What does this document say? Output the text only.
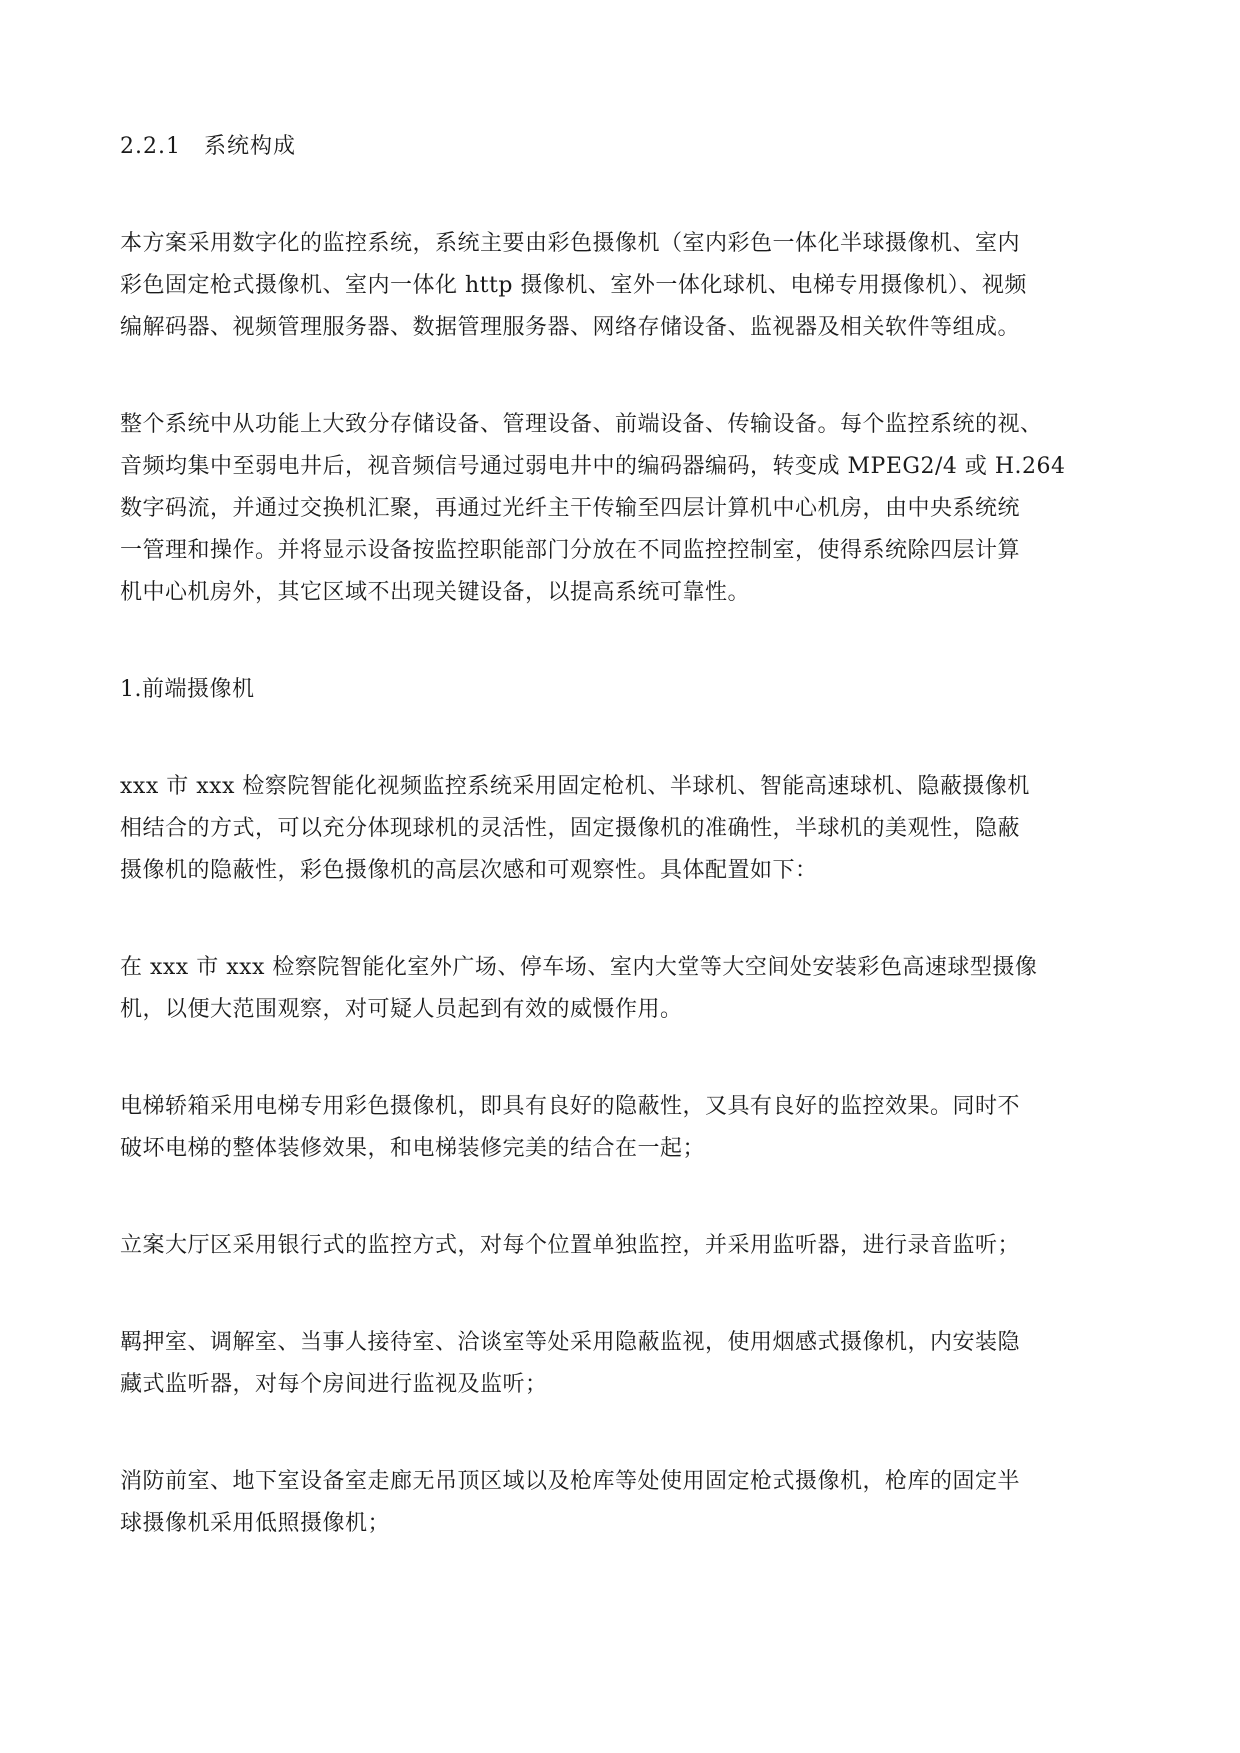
2.2.1　系统构成
本方案采用数字化的监控系统，系统主要由彩色摄像机（室内彩色一体化半球摄像机、室内
彩色固定枪式摄像机、室内一体化 http 摄像机、室外一体化球机、电梯专用摄像机）、视频
编解码器、视频管理服务器、数据管理服务器、网络存储设备、监视器及相关软件等组成。
整个系统中从功能上大致分存储设备、管理设备、前端设备、传输设备。每个监控系统的视、
音频均集中至弱电井后，视音频信号通过弱电井中的编码器编码，转变成 MPEG2/4 或 H.264
数字码流，并通过交换机汇聚，再通过光纤主干传输至四层计算机中心机房，由中央系统统
一管理和操作。并将显示设备按监控职能部门分放在不同监控控制室，使得系统除四层计算
机中心机房外，其它区域不出现关键设备，以提高系统可靠性。
1.前端摄像机
xxx 市 xxx 检察院智能化视频监控系统采用固定枪机、半球机、智能高速球机、隐蔽摄像机
相结合的方式，可以充分体现球机的灵活性，固定摄像机的准确性，半球机的美观性，隐蔽
摄像机的隐蔽性，彩色摄像机的高层次感和可观察性。具体配置如下：
在 xxx 市 xxx 检察院智能化室外广场、停车场、室内大堂等大空间处安装彩色高速球型摄像
机，以便大范围观察，对可疑人员起到有效的威慑作用。
电梯轿箱采用电梯专用彩色摄像机，即具有良好的隐蔽性，又具有良好的监控效果。同时不
破坏电梯的整体装修效果，和电梯装修完美的结合在一起；
立案大厅区采用银行式的监控方式，对每个位置单独监控，并采用监听器，进行录音监听；
羁押室、调解室、当事人接待室、洽谈室等处采用隐蔽监视，使用烟感式摄像机，内安装隐
藏式监听器，对每个房间进行监视及监听；
消防前室、地下室设备室走廊无吊顶区域以及枪库等处使用固定枪式摄像机，枪库的固定半
球摄像机采用低照摄像机；
